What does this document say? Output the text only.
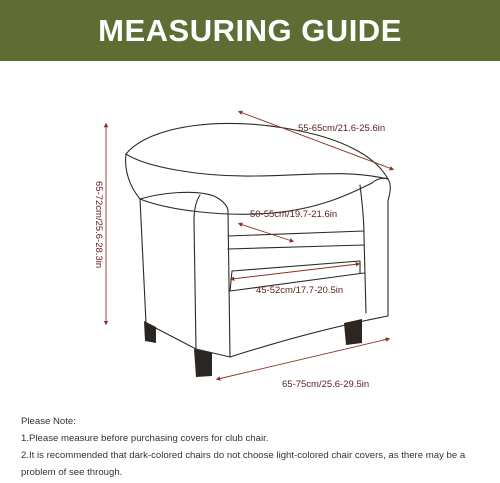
MEASURING GUIDE
55-65cm/21.6-25.6in
65-72cm/25.6-28.3in	50-55cm/19.7-21.6in
45-52cm/17.7-20.5in
65-75cm/25.6-29.5in
Please Note:
1.Please measure before purchasing covers for club chair.
2.It is recommended that dark-colored chairs do not choose light-colored chair covers, as there may be a problem of see through.
